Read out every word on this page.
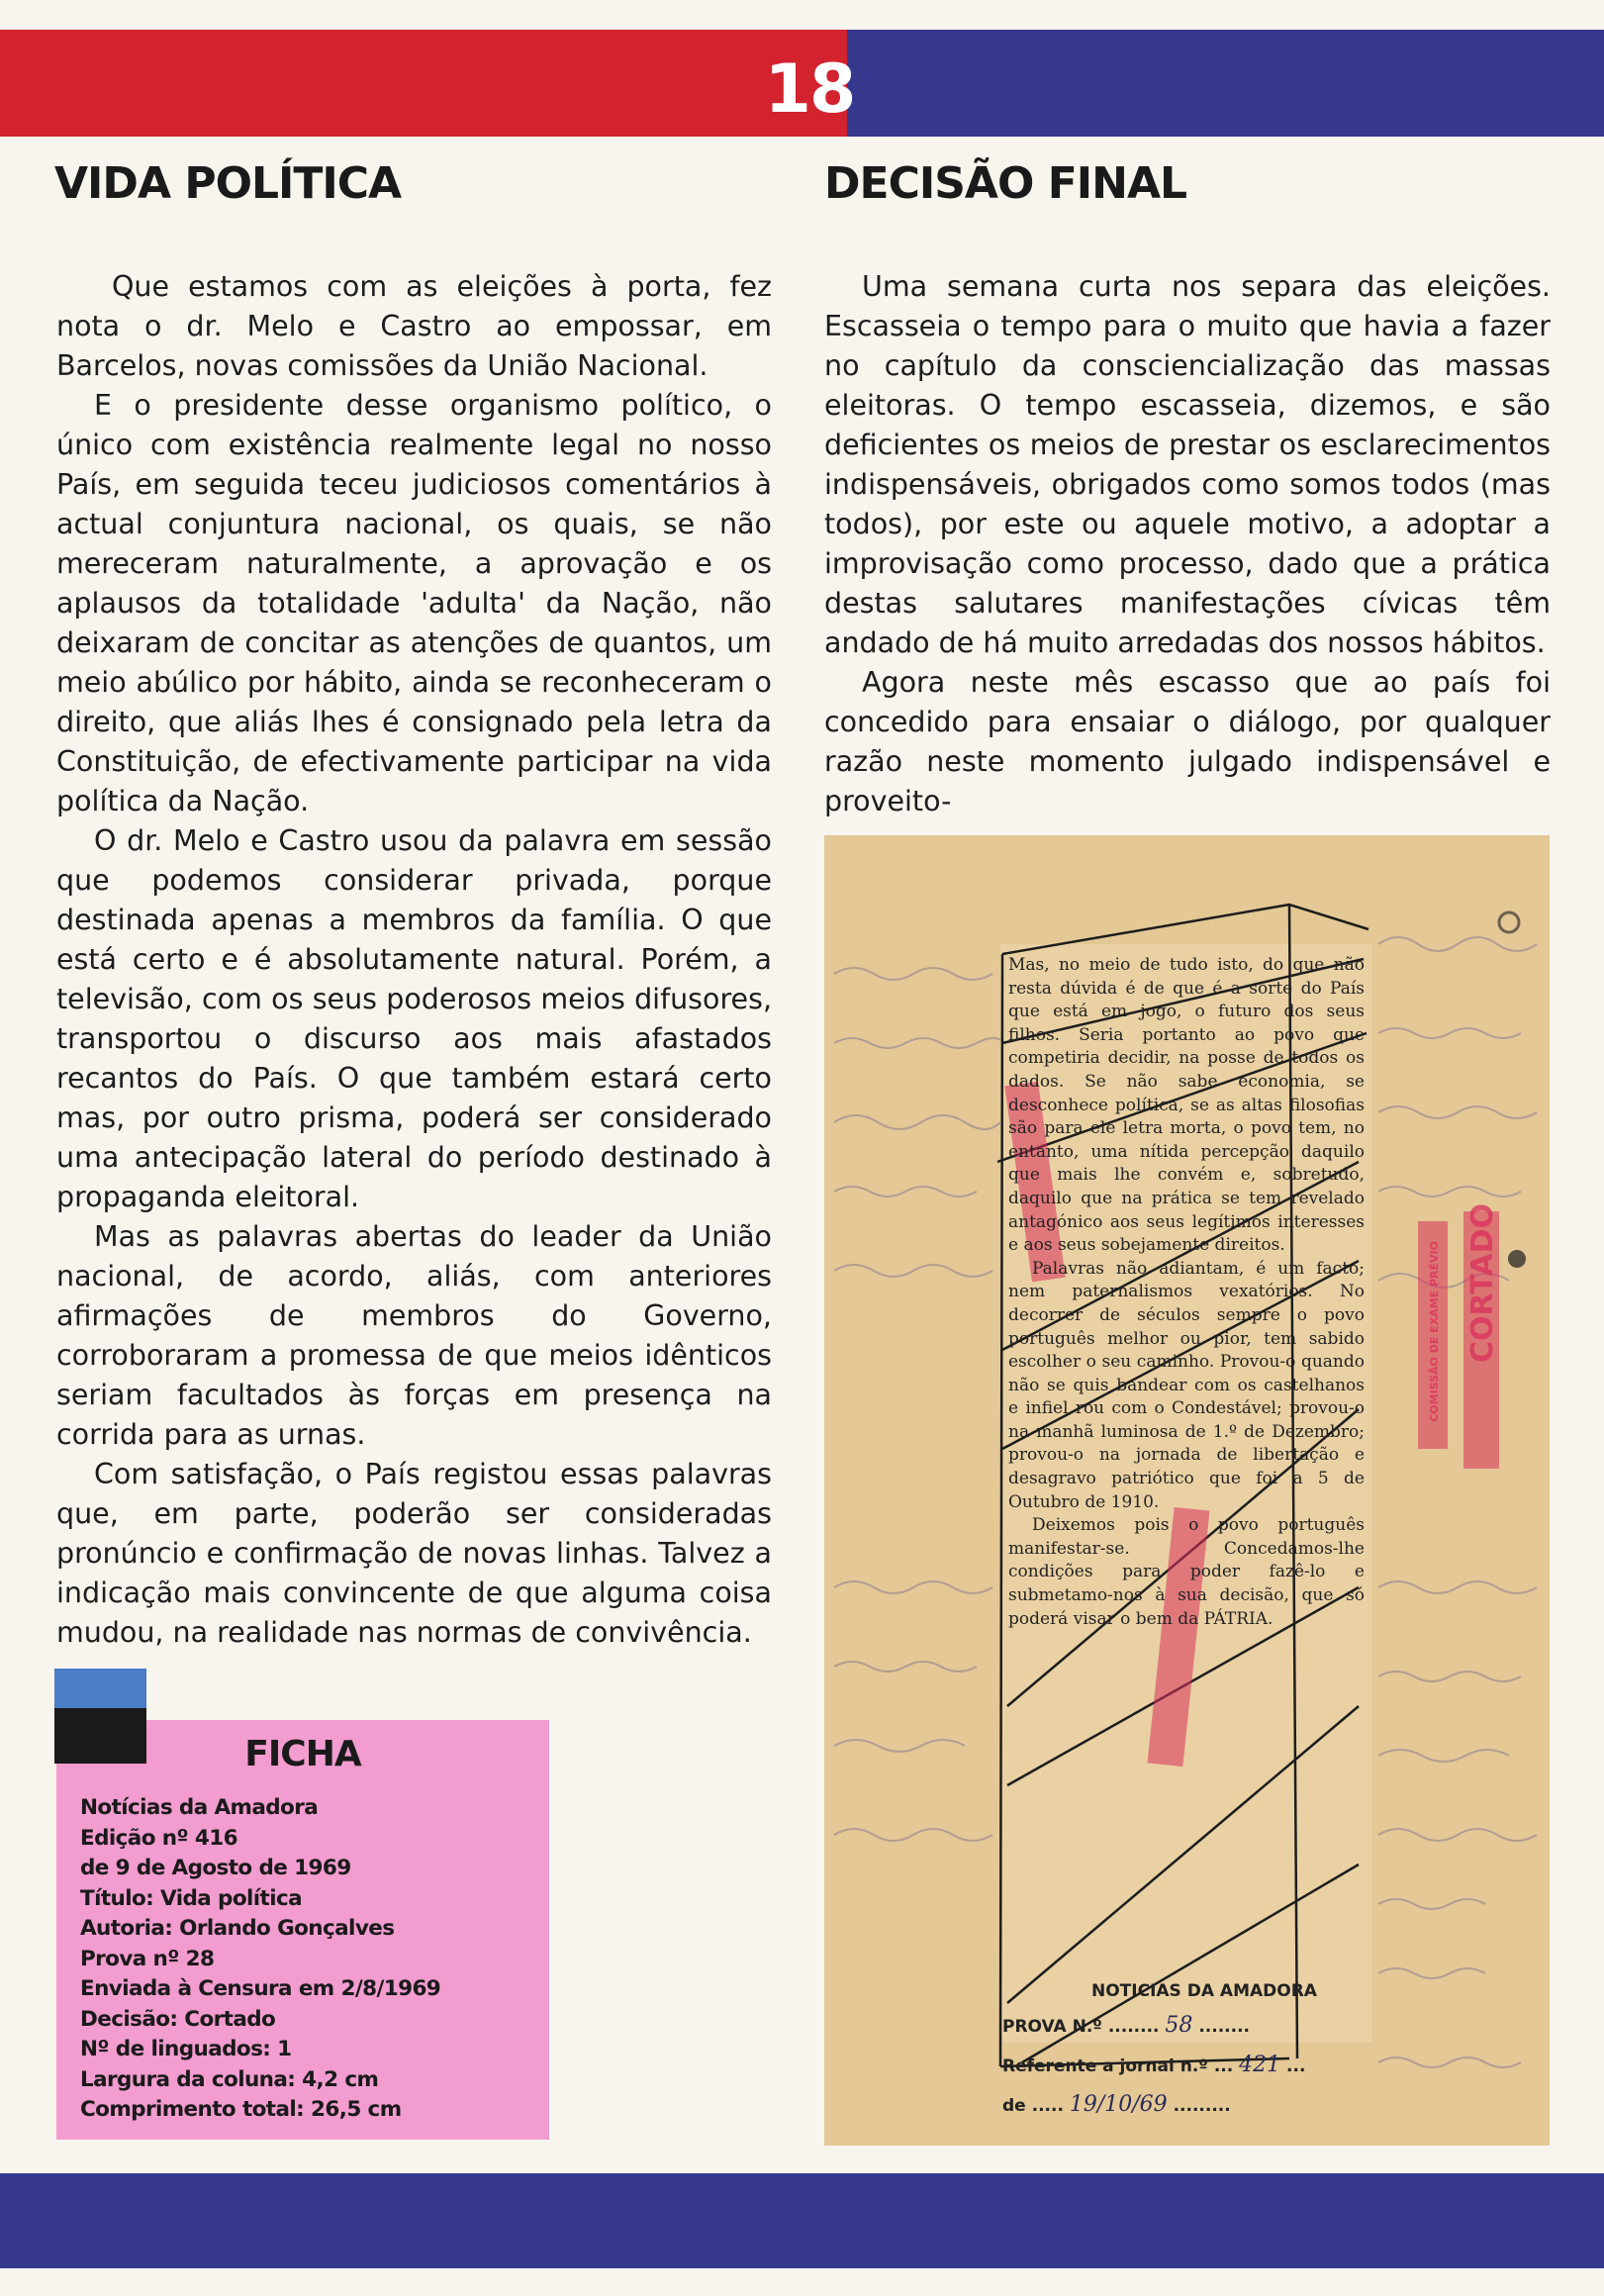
18
VIDA POLÍTICA	DECISÃO FINAL

Que estamos com as eleições à porta, fez nota o dr. Melo e Castro ao empossar, em Barcelos, novas comissões da União Nacional.

E o presidente desse organismo político, o único com existência realmente legal no nosso País, em seguida teceu judiciosos comentários à actual conjuntura nacional, os quais, se não mereceram naturalmente, a aprovação e os aplausos da totalidade 'adulta' da Nação, não deixaram de concitar as atenções de quantos, um meio abúlico por hábito, ainda se reconheceram o direito, que aliás lhes é consignado pela letra da Constituição, de efectivamente participar na vida política da Nação.

O dr. Melo e Castro usou da palavra em sessão que podemos considerar privada, porque destinada apenas a membros da família. O que está certo e é absolutamente natural. Porém, a televisão, com os seus poderosos meios difusores, transportou o discurso aos mais afastados recantos do País. O que também estará certo mas, por outro prisma, poderá ser considerado uma antecipação lateral do período destinado à propaganda eleitoral.

Mas as palavras abertas do leader da União nacional, de acordo, aliás, com anteriores afirmações de membros do Governo, corroboraram a promessa de que meios idênticos seriam facultados às forças em presença na corrida para as urnas.

Com satisfação, o País registou essas palavras que, em parte, poderão ser consideradas pronúncio e confirmação de novas linhas. Talvez a indicação mais convincente de que alguma coisa mudou, na realidade nas normas de convivência.

Uma semana curta nos separa das eleições. Escasseia o tempo para o muito que havia a fazer no capítulo da consciencialização das massas eleitoras. O tempo escasseia, dizemos, e são deficientes os meios de prestar os esclarecimentos indispensáveis, obrigados como somos todos (mas todos), por este ou aquele motivo, a adoptar a improvisação como processo, dado que a prática destas salutares manifestações cívicas têm andado de há muito arredadas dos nossos hábitos.

Agora neste mês escasso que ao país foi concedido para ensaiar o diálogo, por qualquer razão neste momento julgado indispensável e proveito-

FICHA
Notícias da Amadora
Edição nº 416
de 9 de Agosto de 1969
Título: Vida política
Autoria: Orlando Gonçalves
Prova nº 28
Enviada à Censura em 2/8/1969
Decisão: Cortado
Nº de linguados: 1
Largura da coluna: 4,2 cm
Comprimento total: 26,5 cm

Mas, no meio de tudo isto, do que não resta dúvida é de que é a sorte do País que está em jogo, o futuro dos seus filhos. Seria portanto ao povo que competiria decidir, na posse de todos os dados. Se não sabe economia, se desconhece política, se as altas filosofias são para ele letra morta, o povo tem, no entanto, uma nítida percepção daquilo que mais lhe convém e, sobretudo, daquilo que na prática se tem revelado antagónico aos seus legítimos interesses e aos seus sobejamente direitos.

Palavras não adiantam, é um facto; nem paternalismos vexatórios. No decorrer de séculos sempre o povo português melhor ou pior, tem sabido escolher o seu caminho. Provou-o quando não se quis bandear com os castelhanos e infiel rou com o Condestável; provou-o na manhã luminosa de 1.º de Dezembro; provou-o na jornada de libertação e desagravo patriótico que foi a 5 de Outubro de 1910.

Deixemos pois o povo português manifestar-se. Concedamos-lhe condições para poder fazê-lo e submetamo-nos à sua decisão, que só poderá visar o bem da PÁTRIA.

CORTADO
COMISSÃO DE EXAME PRÉVIO
NOTICIAS DA AMADORA
PROVA N.º ........ 58 ........
Referente a jornal n.º ... 421 ...
de ..... 19/10/69 .........
